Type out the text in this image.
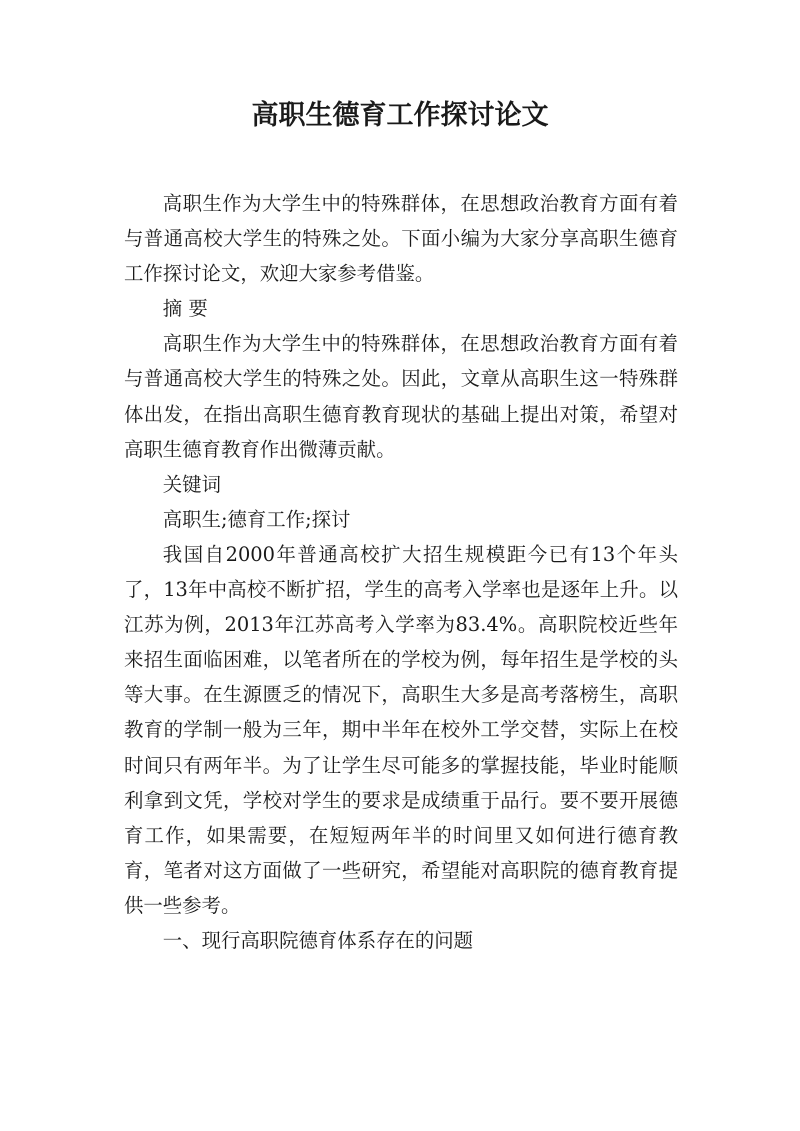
高职生德育工作探讨论文

高职生作为大学生中的特殊群体，在思想政治教育方面有着与普通高校大学生的特殊之处。下面小编为大家分享高职生德育工作探讨论文，欢迎大家参考借鉴。

摘 要

高职生作为大学生中的特殊群体，在思想政治教育方面有着与普通高校大学生的特殊之处。因此，文章从高职生这一特殊群体出发，在指出高职生德育教育现状的基础上提出对策，希望对高职生德育教育作出微薄贡献。

关键词

高职生;德育工作;探讨

我国自2000年普通高校扩大招生规模距今已有13个年头了，13年中高校不断扩招，学生的高考入学率也是逐年上升。以江苏为例，2013年江苏高考入学率为83.4%。高职院校近些年来招生面临困难，以笔者所在的学校为例，每年招生是学校的头等大事。在生源匮乏的情况下，高职生大多是高考落榜生，高职教育的学制一般为三年，期中半年在校外工学交替，实际上在校时间只有两年半。为了让学生尽可能多的掌握技能，毕业时能顺利拿到文凭，学校对学生的要求是成绩重于品行。要不要开展德育工作，如果需要，在短短两年半的时间里又如何进行德育教育，笔者对这方面做了一些研究，希望能对高职院的德育教育提供一些参考。

一、现行高职院德育体系存在的问题
